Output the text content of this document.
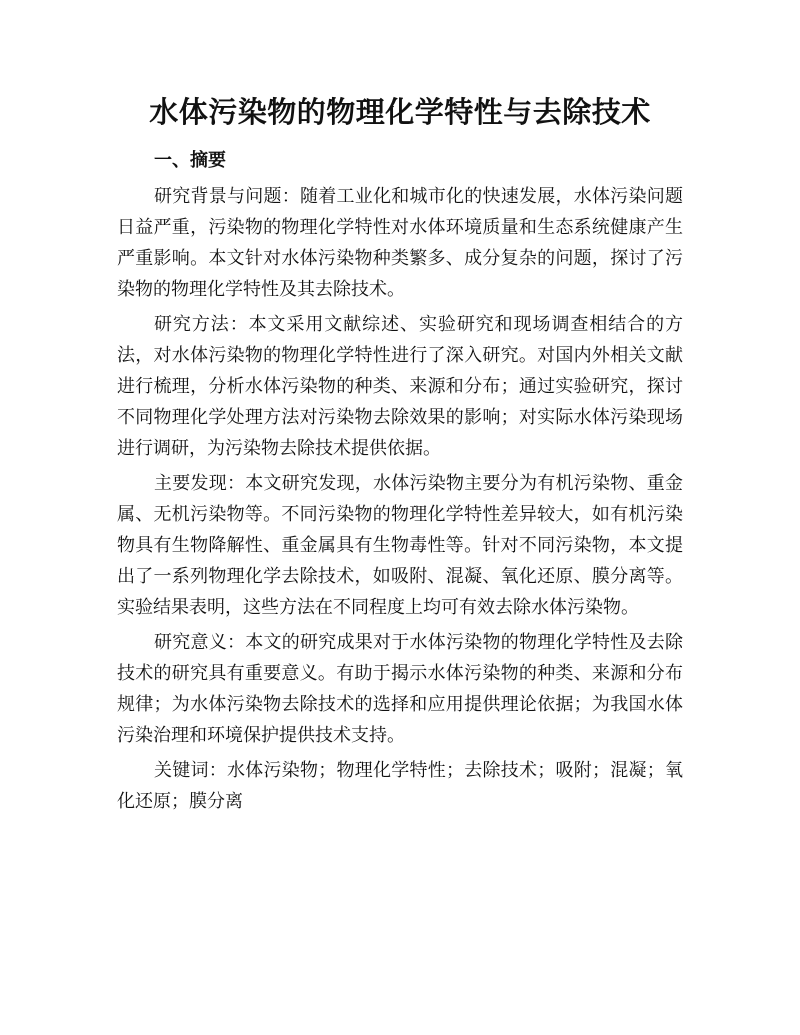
水体污染物的物理化学特性与去除技术
一、摘要

研究背景与问题：随着工业化和城市化的快速发展，水体污染问题日益严重，污染物的物理化学特性对水体环境质量和生态系统健康产生严重影响。本文针对水体污染物种类繁多、成分复杂的问题，探讨了污染物的物理化学特性及其去除技术。

研究方法：本文采用文献综述、实验研究和现场调查相结合的方法，对水体污染物的物理化学特性进行了深入研究。对国内外相关文献进行梳理，分析水体污染物的种类、来源和分布；通过实验研究，探讨不同物理化学处理方法对污染物去除效果的影响；对实际水体污染现场进行调研，为污染物去除技术提供依据。

主要发现：本文研究发现，水体污染物主要分为有机污染物、重金属、无机污染物等。不同污染物的物理化学特性差异较大，如有机污染物具有生物降解性、重金属具有生物毒性等。针对不同污染物，本文提出了一系列物理化学去除技术，如吸附、混凝、氧化还原、膜分离等。实验结果表明，这些方法在不同程度上均可有效去除水体污染物。

研究意义：本文的研究成果对于水体污染物的物理化学特性及去除技术的研究具有重要意义。有助于揭示水体污染物的种类、来源和分布规律；为水体污染物去除技术的选择和应用提供理论依据；为我国水体污染治理和环境保护提供技术支持。

关键词：水体污染物；物理化学特性；去除技术；吸附；混凝；氧化还原；膜分离
